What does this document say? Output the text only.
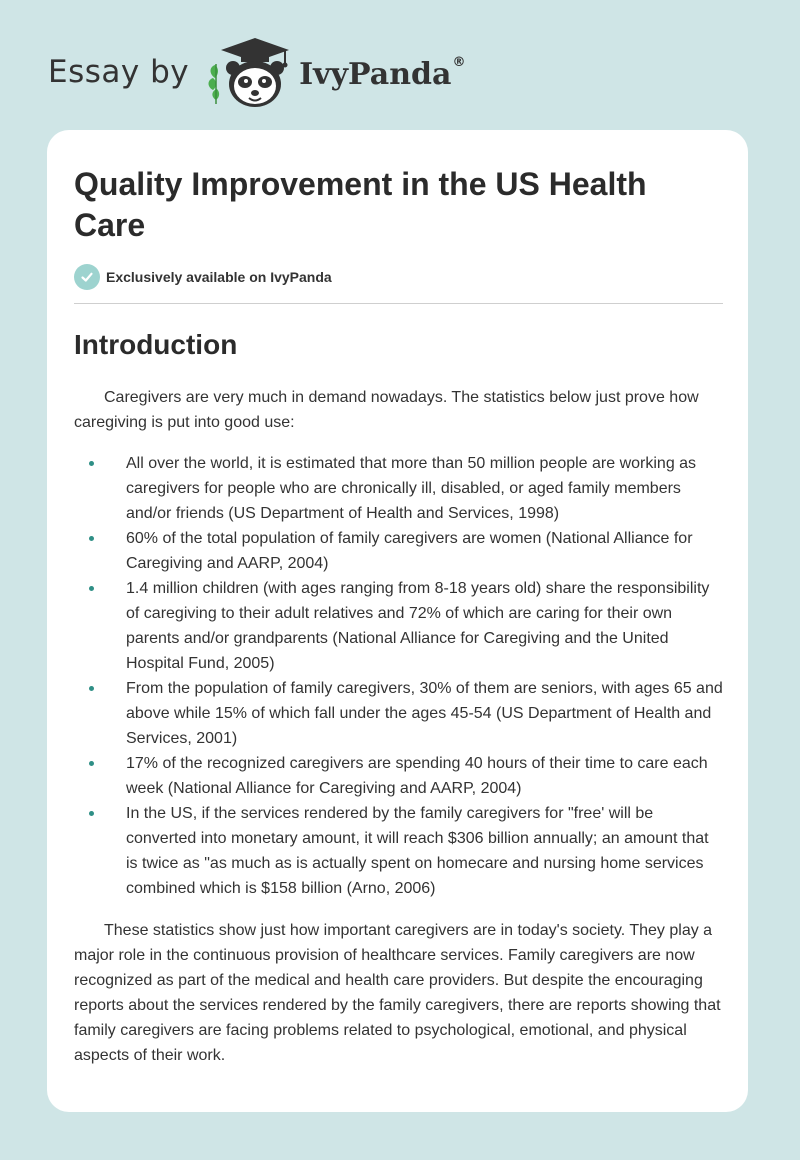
Essay by	IvyPanda®
Quality Improvement in the US Health Care
Exclusively available on IvyPanda
Introduction

Caregivers are very much in demand nowadays. The statistics below just prove how caregiving is put into good use:

All over the world, it is estimated that more than 50 million people are working as caregivers for people who are chronically ill, disabled, or aged family members and/or friends (US Department of Health and Services, 1998)
60% of the total population of family caregivers are women (National Alliance for Caregiving and AARP, 2004)
1.4 million children (with ages ranging from 8-18 years old) share the responsibility of caregiving to their adult relatives and 72% of which are caring for their own parents and/or grandparents (National Alliance for Caregiving and the United Hospital Fund, 2005)
From the population of family caregivers, 30% of them are seniors, with ages 65 and above while 15% of which fall under the ages 45-54 (US Department of Health and Services, 2001)
17% of the recognized caregivers are spending 40 hours of their time to care each week (National Alliance for Caregiving and AARP, 2004)
In the US, if the services rendered by the family caregivers for "free' will be converted into monetary amount, it will reach $306 billion annually; an amount that is twice as "as much as is actually spent on homecare and nursing home services combined which is $158 billion (Arno, 2006)

These statistics show just how important caregivers are in today's society. They play a major role in the continuous provision of healthcare services. Family caregivers are now recognized as part of the medical and health care providers. But despite the encouraging reports about the services rendered by the family caregivers, there are reports showing that family caregivers are facing problems related to psychological, emotional, and physical aspects of their work.
